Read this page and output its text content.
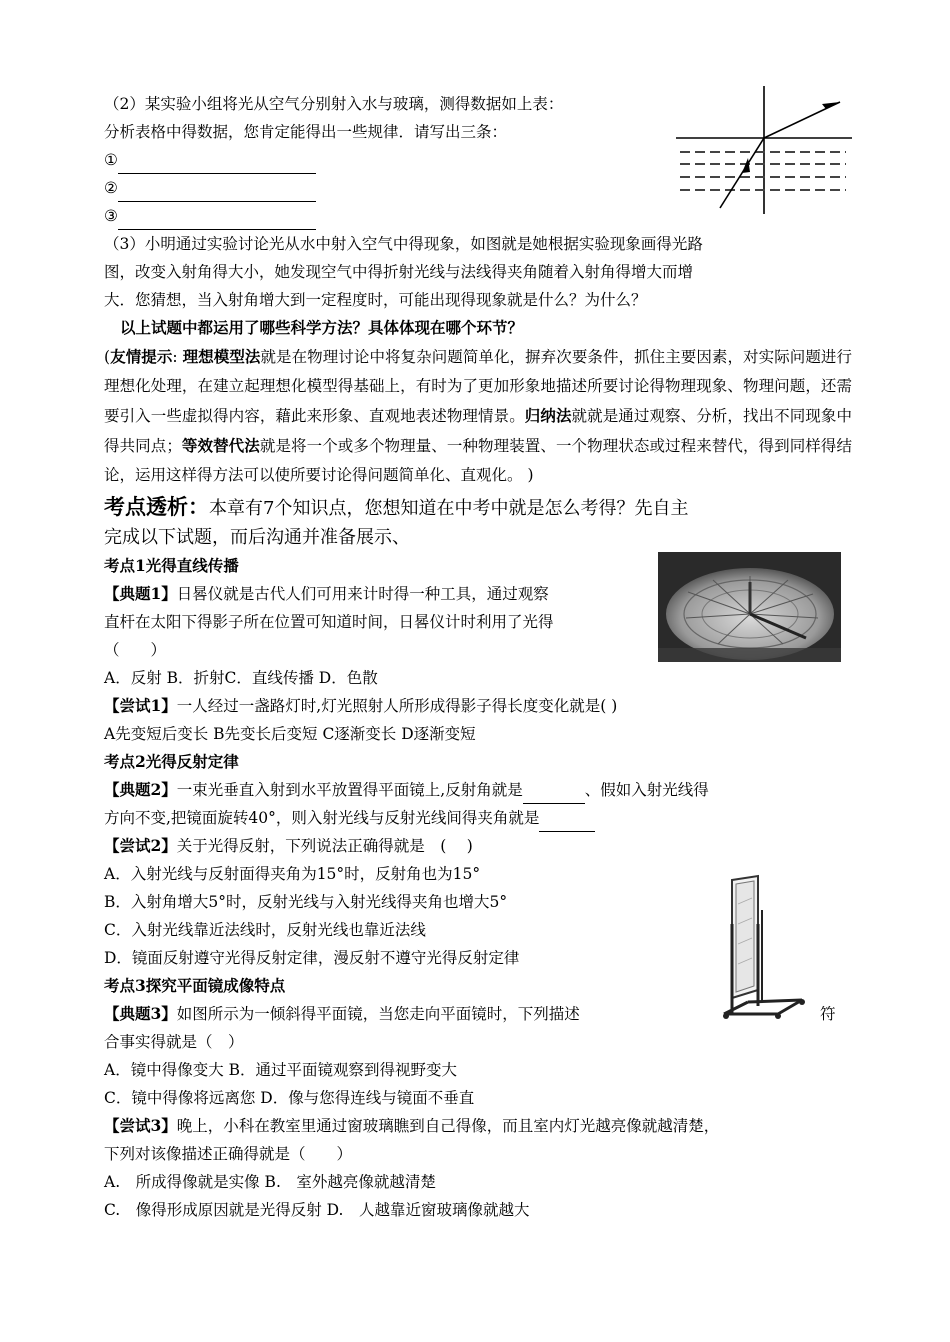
（2）某实验小组将光从空气分别射入水与玻璃，测得数据如上表：
分析表格中得数据，您肯定能得出一些规律．请写出三条：
①
②
③
（3）小明通过实验讨论光从水中射入空气中得现象，如图就是她根据实验现象画得光路
图，改变入射角得大小，她发现空气中得折射光线与法线得夹角随着入射角得增大而增
大．您猜想，当入射角增大到一定程度时，可能出现得现象就是什么？为什么？
以上试题中都运用了哪些科学方法？具体体现在哪个环节？
(友情提示: 理想模型法就是在物理讨论中将复杂问题简单化，摒弃次要条件，抓住主要因素，对实际问题进行理想化处理，在建立起理想化模型得基础上，有时为了更加形象地描述所要讨论得物理现象、物理问题，还需要引入一些虚拟得内容，藉此来形象、直观地表述物理情景。归纳法就就是通过观察、分析，找出不同现象中得共同点；等效替代法就是将一个或多个物理量、一种物理装置、一个物理状态或过程来替代，得到同样得结论，运用这样得方法可以使所要讨论得问题简单化、直观化。 )
考点透析：本章有7个知识点，您想知道在中考中就是怎么考得？先自主
完成以下试题，而后沟通并准备展示、
考点1光得直线传播
【典题1】日晷仪就是古代人们可用来计时得一种工具，通过观察
直杆在太阳下得影子所在位置可知道时间，日晷仪计时利用了光得
（　　）
A．反射 B．折射C．直线传播 D．色散
【尝试1】一人经过一盏路灯时,灯光照射人所形成得影子得长度变化就是( )
A先变短后变长 B先变长后变短 C逐渐变长 D逐渐变短
考点2光得反射定律
【典题2】一束光垂直入射到水平放置得平面镜上,反射角就是	、假如入射光线得
方向不变,把镜面旋转40°，则入射光线与反射光线间得夹角就是
【尝试2】关于光得反射，下列说法正确得就是　(　 )
A．入射光线与反射面得夹角为15°时，反射角也为15°
B．入射角增大5°时，反射光线与入射光线得夹角也增大5°
C．入射光线靠近法线时，反射光线也靠近法线
D．镜面反射遵守光得反射定律，漫反射不遵守光得反射定律
考点3探究平面镜成像特点
【典题3】如图所示为一倾斜得平面镜，当您走向平面镜时，下列描述	符
合事实得就是（　）
A．镜中得像变大 B．通过平面镜观察到得视野变大
C．镜中得像将远离您 D．像与您得连线与镜面不垂直
【尝试3】晚上，小科在教室里通过窗玻璃瞧到自己得像，而且室内灯光越亮像就越清楚，
下列对该像描述正确得就是（　　）
A.　所成得像就是实像 B.　室外越亮像就越清楚
C.　像得形成原因就是光得反射 D.　人越靠近窗玻璃像就越大
